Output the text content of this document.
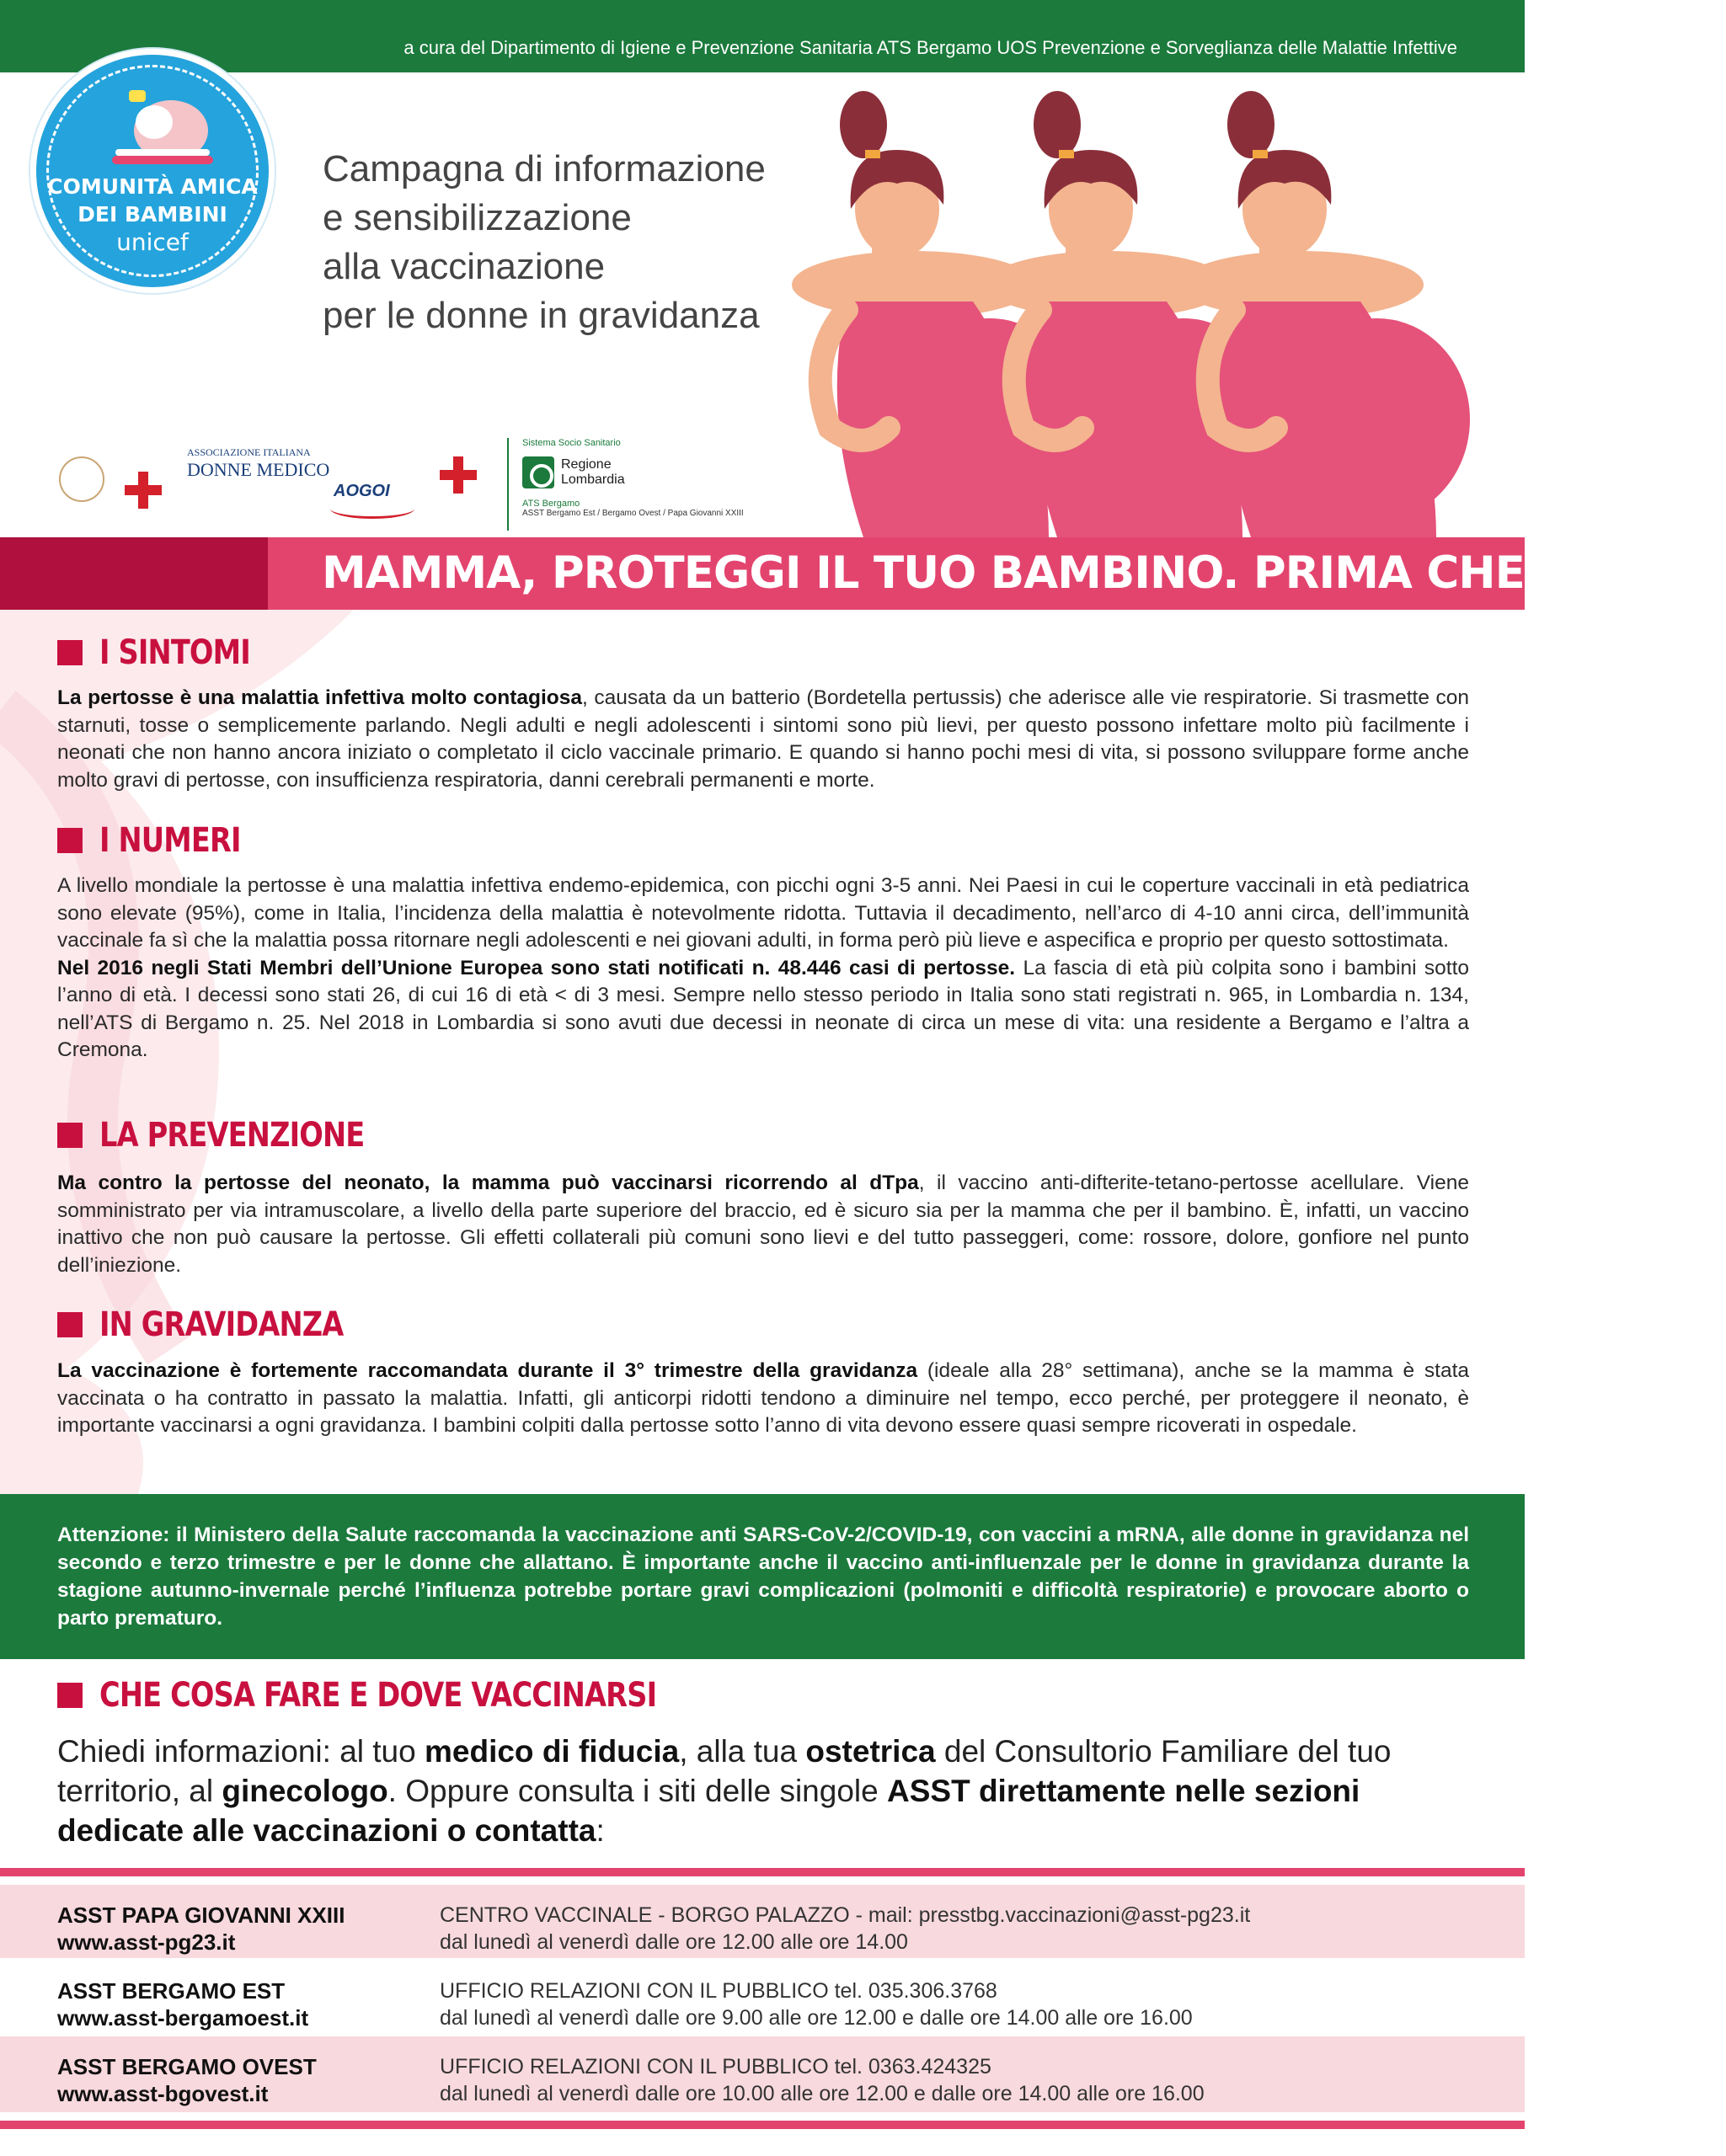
a cura del Dipartimento di Igiene e Prevenzione Sanitaria ATS Bergamo UOS Prevenzione e Sorveglianza delle Malattie Infettive
COMUNITÀ AMICA
DEI BAMBINI
unicef
Campagna di informazione
e sensibilizzazione
alla vaccinazione
per le donne in gravidanza
ASSOCIAZIONE ITALIANA
DONNE MEDICO
AOGOI
Sistema Socio Sanitario
Regione
Lombardia
ATS Bergamo
ASST Bergamo Est / Bergamo Ovest / Papa Giovanni XXIII
MAMMA, PROTEGGI IL TUO BAMBINO. PRIMA CHE NASCA!
I SINTOMI
La pertosse è una malattia infettiva molto contagiosa, causata da un batterio (Bordetella pertussis) che aderisce alle vie respiratorie. Si trasmette con starnuti, tosse o semplicemente parlando. Negli adulti e negli adolescenti i sintomi sono più lievi, per questo possono infettare molto più facilmente i neonati che non hanno ancora iniziato o completato il ciclo vaccinale primario. E quando si hanno pochi mesi di vita, si possono sviluppare forme anche molto gravi di pertosse, con insufficienza respiratoria, danni cerebrali permanenti e morte.
I NUMERI
A livello mondiale la pertosse è una malattia infettiva endemo-epidemica, con picchi ogni 3-5 anni. Nei Paesi in cui le coperture vaccinali in età pediatrica sono elevate (95%), come in Italia, l’incidenza della malattia è notevolmente ridotta. Tuttavia il decadimento, nell’arco di 4-10 anni circa, dell’immunità vaccinale fa sì che la malattia possa ritornare negli adolescenti e nei giovani adulti, in forma però più lieve e aspecifica e proprio per questo sottostimata.
Nel 2016 negli Stati Membri dell’Unione Europea sono stati notificati n. 48.446 casi di pertosse. La fascia di età più colpita sono i bambini sotto l’anno di età. I decessi sono stati 26, di cui 16 di età < di 3 mesi. Sempre nello stesso periodo in Italia sono stati registrati n. 965, in Lombardia n. 134, nell’ATS di Bergamo n. 25. Nel 2018 in Lombardia si sono avuti due decessi in neonate di circa un mese di vita: una residente a Bergamo e l’altra a Cremona.
LA PREVENZIONE
Ma contro la pertosse del neonato, la mamma può vaccinarsi ricorrendo al dTpa, il vaccino anti-difterite-tetano-pertosse acellulare. Viene somministrato per via intramuscolare, a livello della parte superiore del braccio, ed è sicuro sia per la mamma che per il bambino. È, infatti, un vaccino inattivo che non può causare la pertosse. Gli effetti collaterali più comuni sono lievi e del tutto passeggeri, come: rossore, dolore, gonfiore nel punto dell’iniezione.
IN GRAVIDANZA
La vaccinazione è fortemente raccomandata durante il 3° trimestre della gravidanza (ideale alla 28° settimana), anche se la mamma è stata vaccinata o ha contratto in passato la malattia. Infatti, gli anticorpi ridotti tendono a diminuire nel tempo, ecco perché, per proteggere il neonato, è importante vaccinarsi a ogni gravidanza. I bambini colpiti dalla pertosse sotto l’anno di vita devono essere quasi sempre ricoverati in ospedale.
Attenzione: il Ministero della Salute raccomanda la vaccinazione anti SARS-CoV-2/COVID-19, con vaccini a mRNA, alle donne in gravidanza nel secondo e terzo trimestre e per le donne che allattano. È importante anche il vaccino anti-influenzale per le donne in gravidanza durante la stagione autunno-invernale perché l’influenza potrebbe portare gravi complicazioni (polmoniti e difficoltà respiratorie) e provocare aborto o parto prematuro.
CHE COSA FARE E DOVE VACCINARSI
Chiedi informazioni: al tuo medico di fiducia, alla tua ostetrica del Consultorio Familiare del tuo territorio, al ginecologo. Oppure consulta i siti delle singole ASST direttamente nelle sezioni dedicate alle vaccinazioni o contatta:
ASST PAPA GIOVANNI XXIII
www.asst-pg23.it
CENTRO VACCINALE - BORGO PALAZZO - mail: presstbg.vaccinazioni@asst-pg23.it
dal lunedì al venerdì dalle ore 12.00 alle ore 14.00
ASST BERGAMO EST
www.asst-bergamoest.it
UFFICIO RELAZIONI CON IL PUBBLICO tel. 035.306.3768
dal lunedì al venerdì dalle ore 9.00 alle ore 12.00 e dalle ore 14.00 alle ore 16.00
ASST BERGAMO OVEST
www.asst-bgovest.it
UFFICIO RELAZIONI CON IL PUBBLICO tel. 0363.424325
dal lunedì al venerdì dalle ore 10.00 alle ore 12.00 e dalle ore 14.00 alle ore 16.00
